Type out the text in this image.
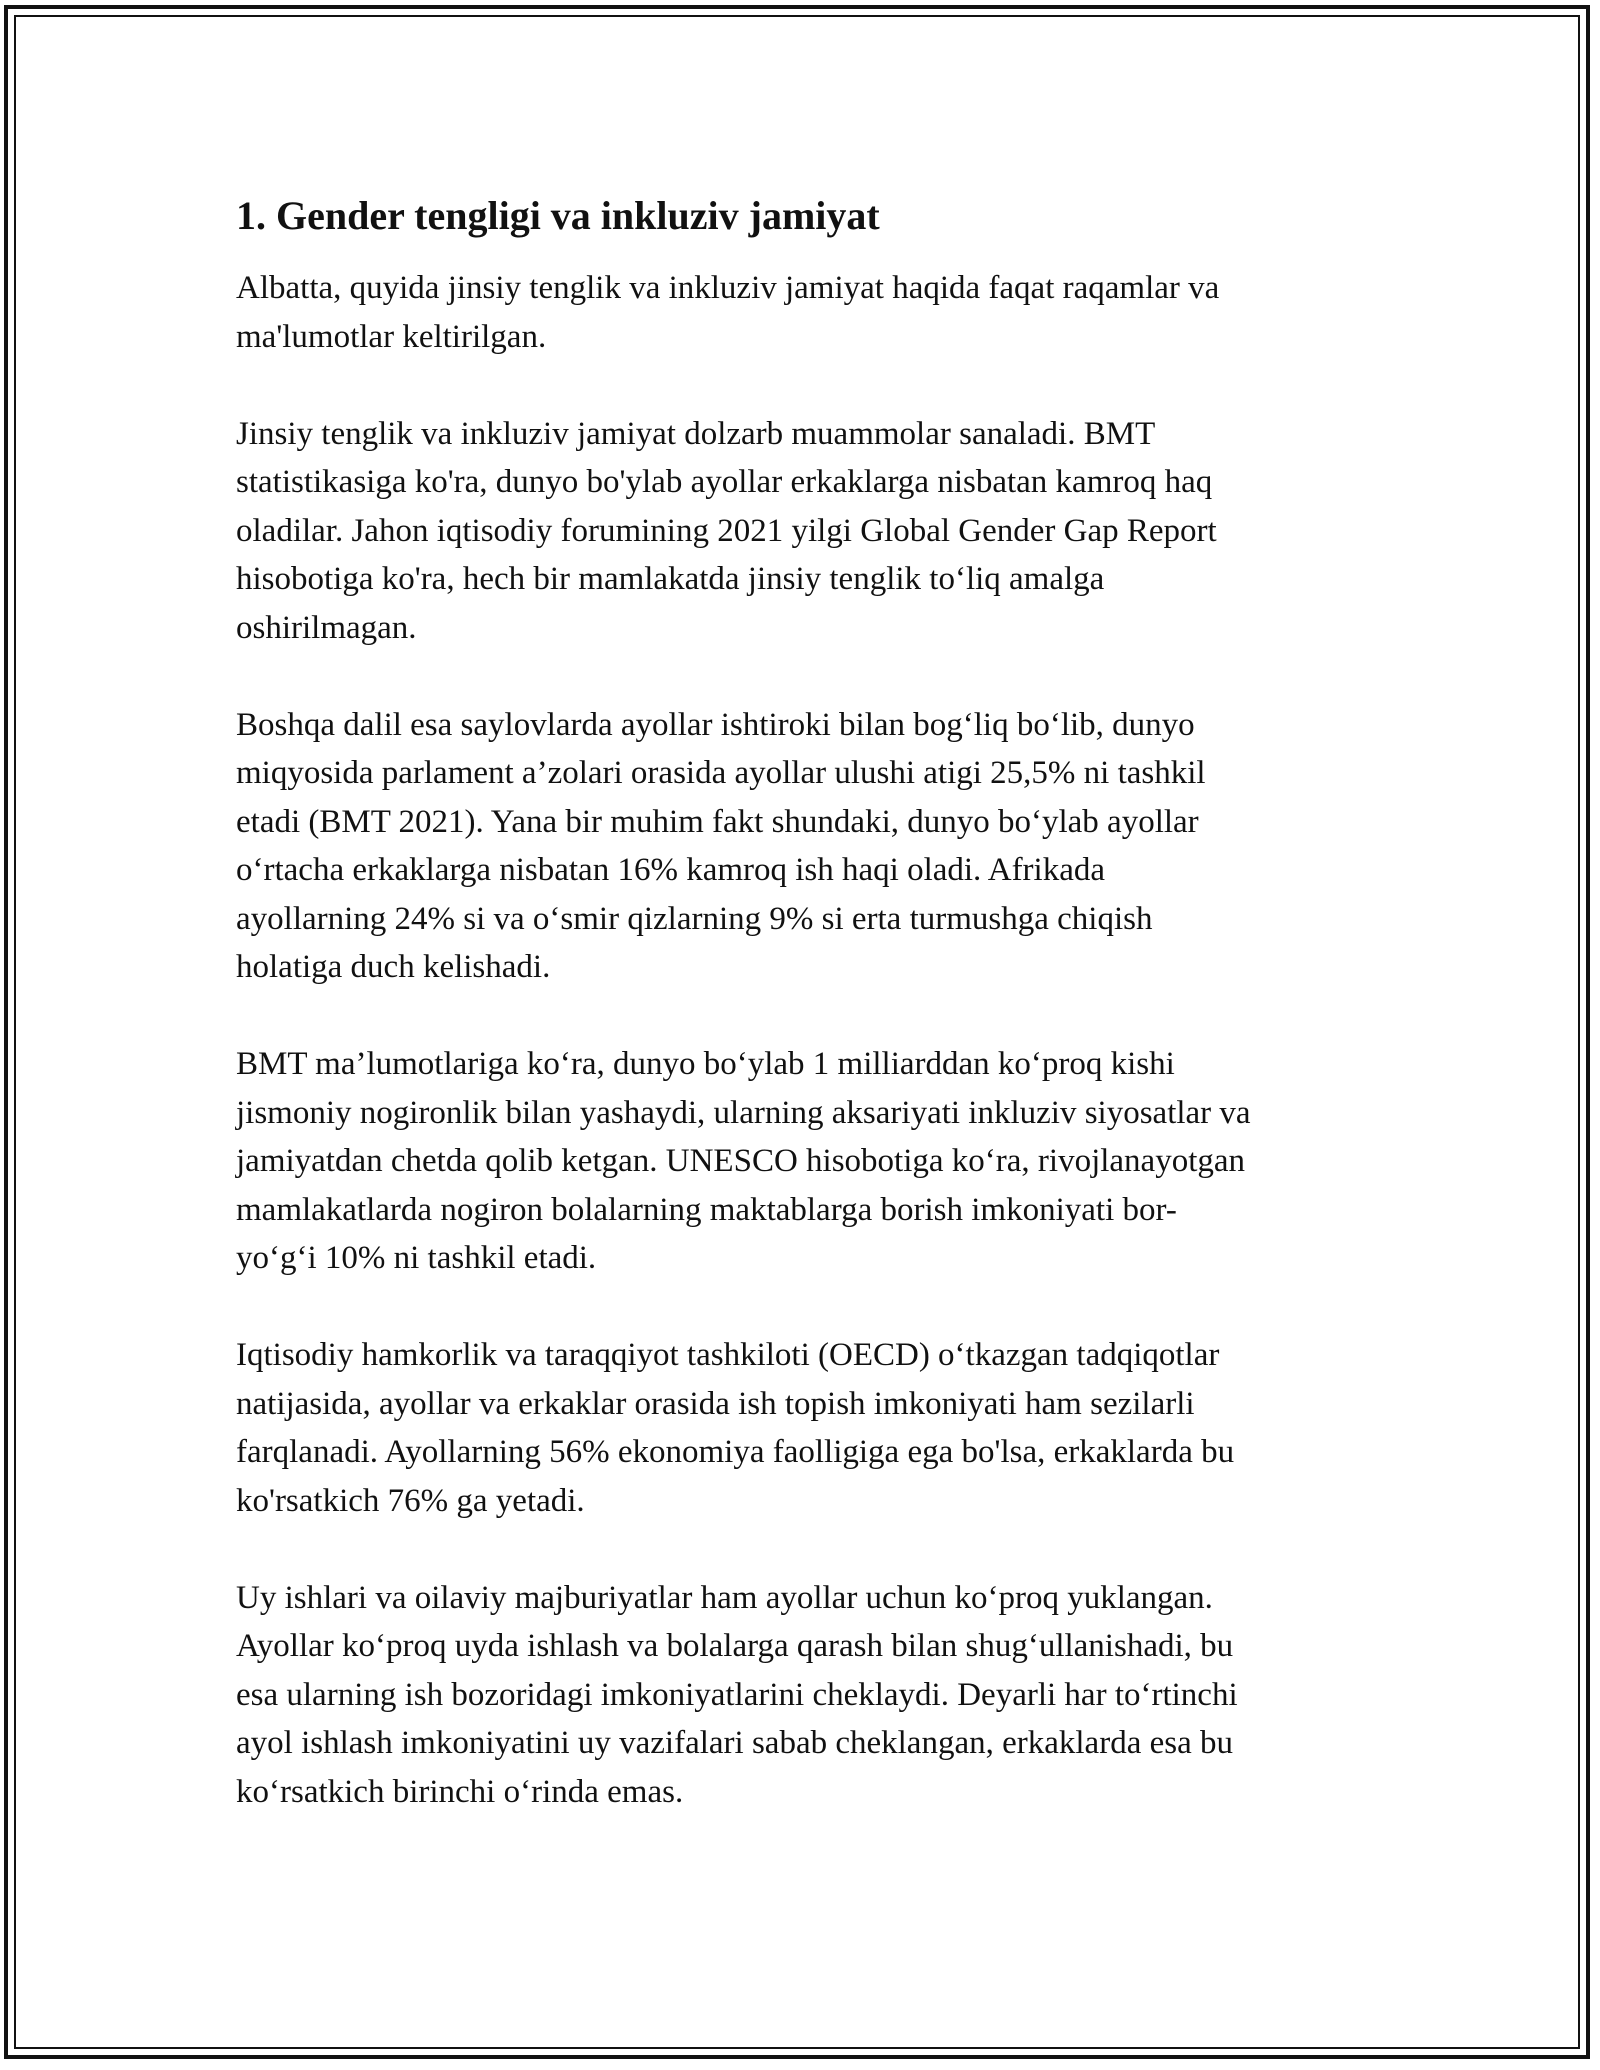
1. Gender tengligi va inkluziv jamiyat

Albatta, quyida jinsiy tenglik va inkluziv jamiyat haqida faqat raqamlar va
ma'lumotlar keltirilgan.

Jinsiy tenglik va inkluziv jamiyat dolzarb muammolar sanaladi. BMT
statistikasiga ko'ra, dunyo bo'ylab ayollar erkaklarga nisbatan kamroq haq
oladilar. Jahon iqtisodiy forumining 2021 yilgi Global Gender Gap Report
hisobotiga ko'ra, hech bir mamlakatda jinsiy tenglik to‘liq amalga
oshirilmagan.

Boshqa dalil esa saylovlarda ayollar ishtiroki bilan bog‘liq bo‘lib, dunyo
miqyosida parlament a’zolari orasida ayollar ulushi atigi 25,5% ni tashkil
etadi (BMT 2021). Yana bir muhim fakt shundaki, dunyo bo‘ylab ayollar
o‘rtacha erkaklarga nisbatan 16% kamroq ish haqi oladi. Afrikada
ayollarning 24% si va o‘smir qizlarning 9% si erta turmushga chiqish
holatiga duch kelishadi.

BMT ma’lumotlariga ko‘ra, dunyo bo‘ylab 1 milliarddan ko‘proq kishi
jismoniy nogironlik bilan yashaydi, ularning aksariyati inkluziv siyosatlar va
jamiyatdan chetda qolib ketgan. UNESCO hisobotiga ko‘ra, rivojlanayotgan
mamlakatlarda nogiron bolalarning maktablarga borish imkoniyati bor-
yo‘g‘i 10% ni tashkil etadi.

Iqtisodiy hamkorlik va taraqqiyot tashkiloti (OECD) o‘tkazgan tadqiqotlar
natijasida, ayollar va erkaklar orasida ish topish imkoniyati ham sezilarli
farqlanadi. Ayollarning 56% ekonomiya faolligiga ega bo'lsa, erkaklarda bu
ko'rsatkich 76% ga yetadi.

Uy ishlari va oilaviy majburiyatlar ham ayollar uchun ko‘proq yuklangan.
Ayollar ko‘proq uyda ishlash va bolalarga qarash bilan shug‘ullanishadi, bu
esa ularning ish bozoridagi imkoniyatlarini cheklaydi. Deyarli har to‘rtinchi
ayol ishlash imkoniyatini uy vazifalari sabab cheklangan, erkaklarda esa bu
ko‘rsatkich birinchi o‘rinda emas.
